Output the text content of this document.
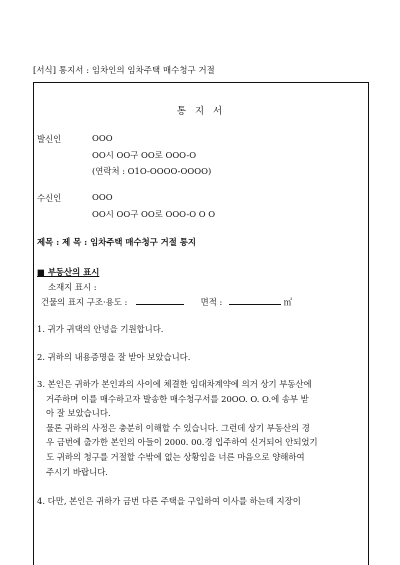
[서식] 통지서 : 임차인의 임차주택 매수청구 거절
통 지 서
발신인	OOO
OO시 OO구 OO로 OOO-O
(연락처 : O1O-OOOO-OOOO)
수신인	OOO
OO시 OO구 OO로 OOO-O O O
제목 : 제 목 : 임차주택 매수청구 거절 통지
■ 부동산의 표시
소재지 표시 :
건물의 표지 구조·용도 :	면적 :	㎡
1. 귀가 귀댁의 안녕을 기원합니다.
2. 귀하의 내용증명을 잘 받아 보았습니다.
3. 본인은 귀하가 본인과의 사이에 체결한 임대차계약에 의거 상기 부동산에
거주하며 이를 매수하고자 발송한 매수청구서를 20OO. O. O.에 송부 받
아 잘 보았습니다.
물론 귀하의 사정은 충분히 이해할 수 있습니다. 그런데 상기 부동산의 경
우 금번에 출가한 본인의 아들이 2000. 00.경 입주하여 신거되어 안되었기
도 귀하의 청구를 거절할 수밖에 없는 상황임을 너른 마음으로 양해하여
주시기 바랍니다.
4. 다만, 본인은 귀하가 금번 다른 주택을 구입하여 이사를 하는데 지장이
